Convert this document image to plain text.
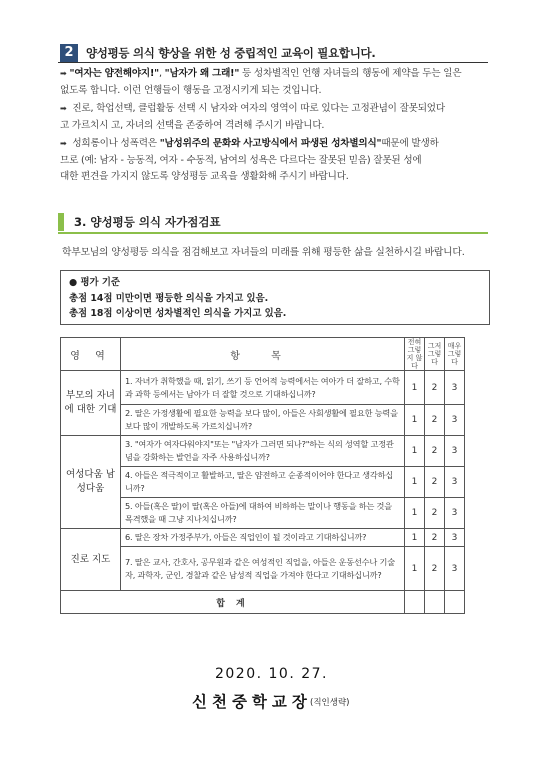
2	양성평등 의식 향상을 위한 성 중립적인 교육이 필요합니다.
➡ "여자는 얌전해야지!", "남자가 왜 그래!" 등 성차별적인 언행 자녀들의 행동에 제약을 두는 일은
없도록 합니다. 이런 언행들이 행동을 고정시키게 되는 것입니다.
➡ 진로, 학업선택, 클럽활동 선택 시 남자와 여자의 영역이 따로 있다는 고정관념이 잘못되었다
고 가르치시 고, 자녀의 선택을 존중하여 격려해 주시기 바랍니다.
➡ 성희롱이나 성폭력은 "남성위주의 문화와 사고방식에서 파생된 성차별의식"때문에 발생하
므로 (예: 남자 - 능동적, 여자 - 수동적, 남여의 성욕은 다르다는 잘못된 믿음) 잘못된 성에
대한 편견을 가지지 않도록 양성평등 교육을 생활화해 주시기 바랍니다.
3. 양성평등 의식 자가점검표
학부모님의 양성평등 의식을 점검해보고 자녀들의 미래를 위해 평등한 삶을 실천하시길 바랍니다.
● 평가 기준
총점 14점 미만이면 평등한 의식을 가지고 있음.
총점 18점 이상이면 성차별적인 의식을 가지고 있음.
영 역	항 목	전혀 그렇지 않다	그저 그렇 다	매우 그렇 다
부모의 자녀에 대한 기대	1. 자녀가 취학했을 때, 읽기, 쓰기 등 언어적 능력에서는 여아가 더 잘하고, 수학과 과학 등에서는 남아가 더 잘할 것으로 기대하십니까?	1	2	3
	2. 딸은 가정생활에 필요한 능력을 보다 많이, 아들은 사회생활에 필요한 능력을 보다 많이 개발하도록 가르치십니까?	1	2	3
여성다움 남성다움	3. "여자가 여자다워야지"또는 "남자가 그러면 되나?"하는 식의 성역할 고정관념을 강화하는 발언을 자주 사용하십니까?	1	2	3
	4. 아들은 적극적이고 활발하고, 딸은 얌전하고 순종적이어야 한다고 생각하십니까?	1	2	3
	5. 아들(혹은 딸)이 딸(혹은 아들)에 대하여 비하하는 말이나 행동을 하는 것을 목격했을 때 그냥 지나치십니까?	1	2	3
진로 지도	6. 딸은 장차 가정주부가, 아들은 직업인이 될 것이라고 기대하십니까?	1	2	3
	7. 딸은 교사, 간호사, 공무원과 같은 여성적인 직업을, 아들은 운동선수나 기술자, 과학자, 군인, 경찰과 같은 남성적 직업을 가져야 한다고 기대하십니까?	1	2	3
합 계				
2020. 10. 27.
신천중학교장
(직인생략)
